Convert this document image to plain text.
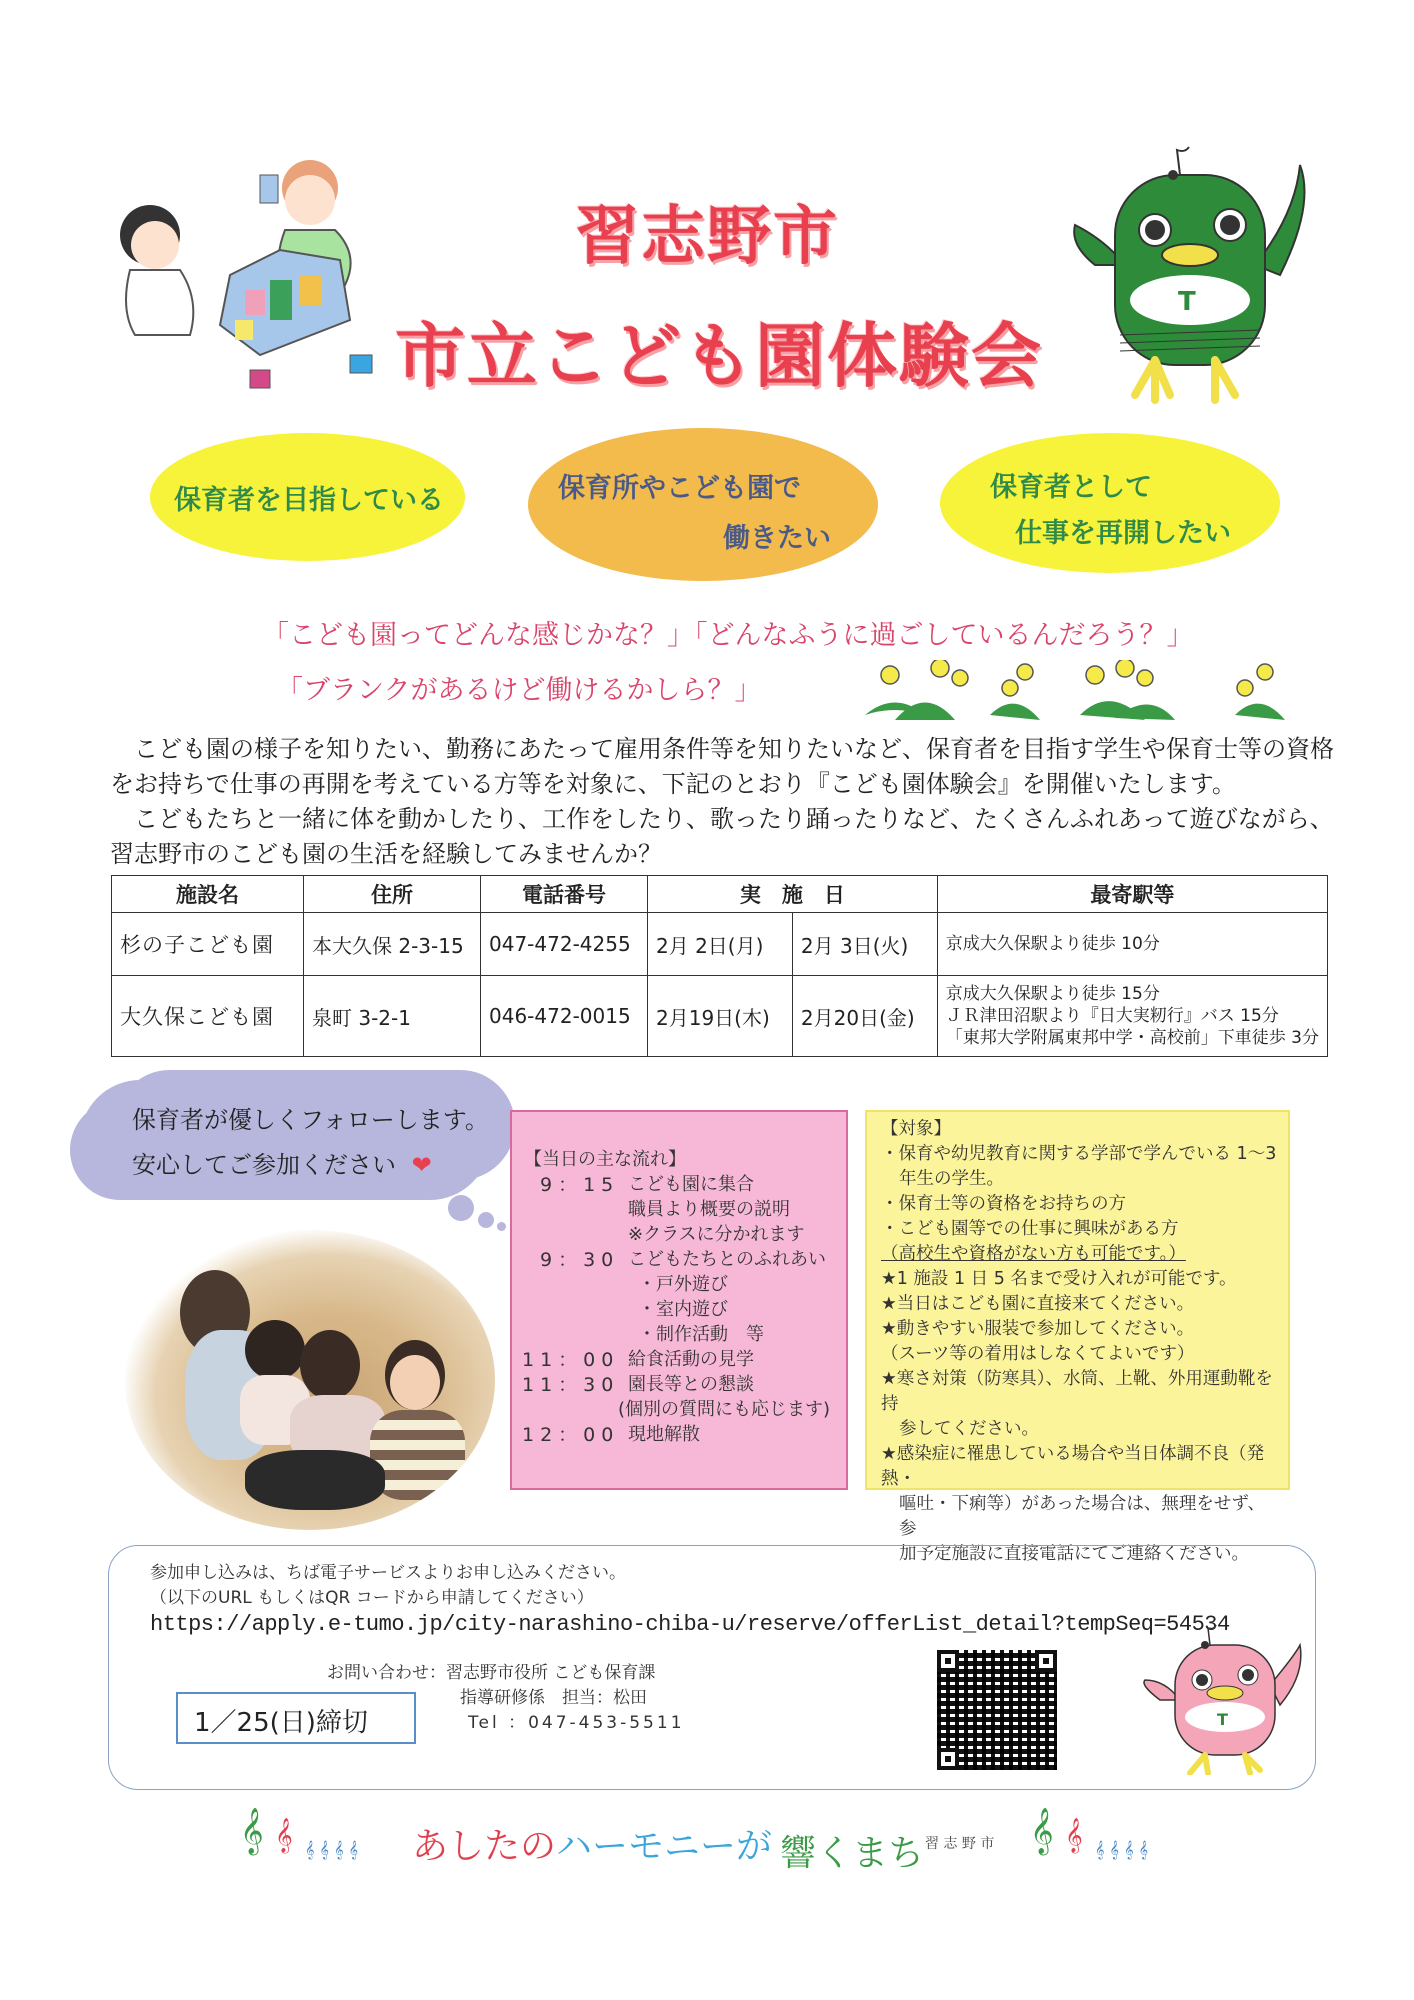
習志野市
市立こども園体験会
T
保育者を目指している	保育所やこども園で
働きたい
保育者として
仕事を再開したい
「こども園ってどんな感じかな？」「どんなふうに過ごしているんだろう？」
「ブランクがあるけど働けるかしら？」

こども園の様子を知りたい、勤務にあたって雇用条件等を知りたいなど、保育者を目指す学生や保育士等の資格

をお持ちで仕事の再開を考えている方等を対象に、下記のとおり『こども園体験会』を開催いたします。

こどもたちと一緒に体を動かしたり、工作をしたり、歌ったり踊ったりなど、たくさんふれあって遊びながら、

習志野市のこども園の生活を経験してみませんか？

施設名	住所	電話番号	実　施　日		最寄駅等
杉の子こども園	本大久保 2-3-15	047-472-4255	2月 2日(月)	2月 3日(火)	京成大久保駅より徒歩 10分

大久保こども園	泉町 3-2-1	046-472-0015	2月19日(木)	2月20日(金)	京成大久保駅より徒歩 15分
ＪＲ津田沼駅より『日大実籾行』バス 15分
「東邦大学附属東邦中学・高校前」下車徒歩 3分
保育者が優しくフォローします。
安心してご参加ください ❤	【当日の主な流れ】
9：15 こども園に集合
職員より概要の説明
※クラスに分かれます
9：30 こどもたちとのふれあい
・戸外遊び
・室内遊び
・制作活動　等
11：00 給食活動の見学
11：30 園長等との懇談
(個別の質問にも応じます)
12：00 現地解散

【対象】

・保育や幼児教育に関する学部で学んでいる 1～3

年生の学生。

・保育士等の資格をお持ちの方

・こども園等での仕事に興味がある方

（高校生や資格がない方も可能です。）

★1 施設 1 日 5 名まで受け入れが可能です。

★当日はこども園に直接来てください。

★動きやすい服装で参加してください。

（スーツ等の着用はしなくてよいです）

★寒さ対策（防寒具）、水筒、上靴、外用運動靴を持

参してください。

★感染症に罹患している場合や当日体調不良（発熱・

嘔吐・下痢等）があった場合は、無理をせず、参

加予定施設に直接電話にてご連絡ください。

参加申し込みは、ちば電子サービスよりお申し込みください。
（以下のURL もしくはQR コードから申請してください）
https://apply.e-tumo.jp/city-narashino-chiba-u/reserve/offerList_detail?tempSeq=54534
お問い合わせ：習志野市役所 こども保育課
指導研修係　担当：松田
Tel ：047-453-5511
1／25(日)締切	T
𝄞 𝄞 𝄞 𝄞 𝄞 𝄞 あしたの ハーモニーが 響くまち 習 志 野 市 𝄞 𝄞 𝄞 𝄞 𝄞 𝄞
